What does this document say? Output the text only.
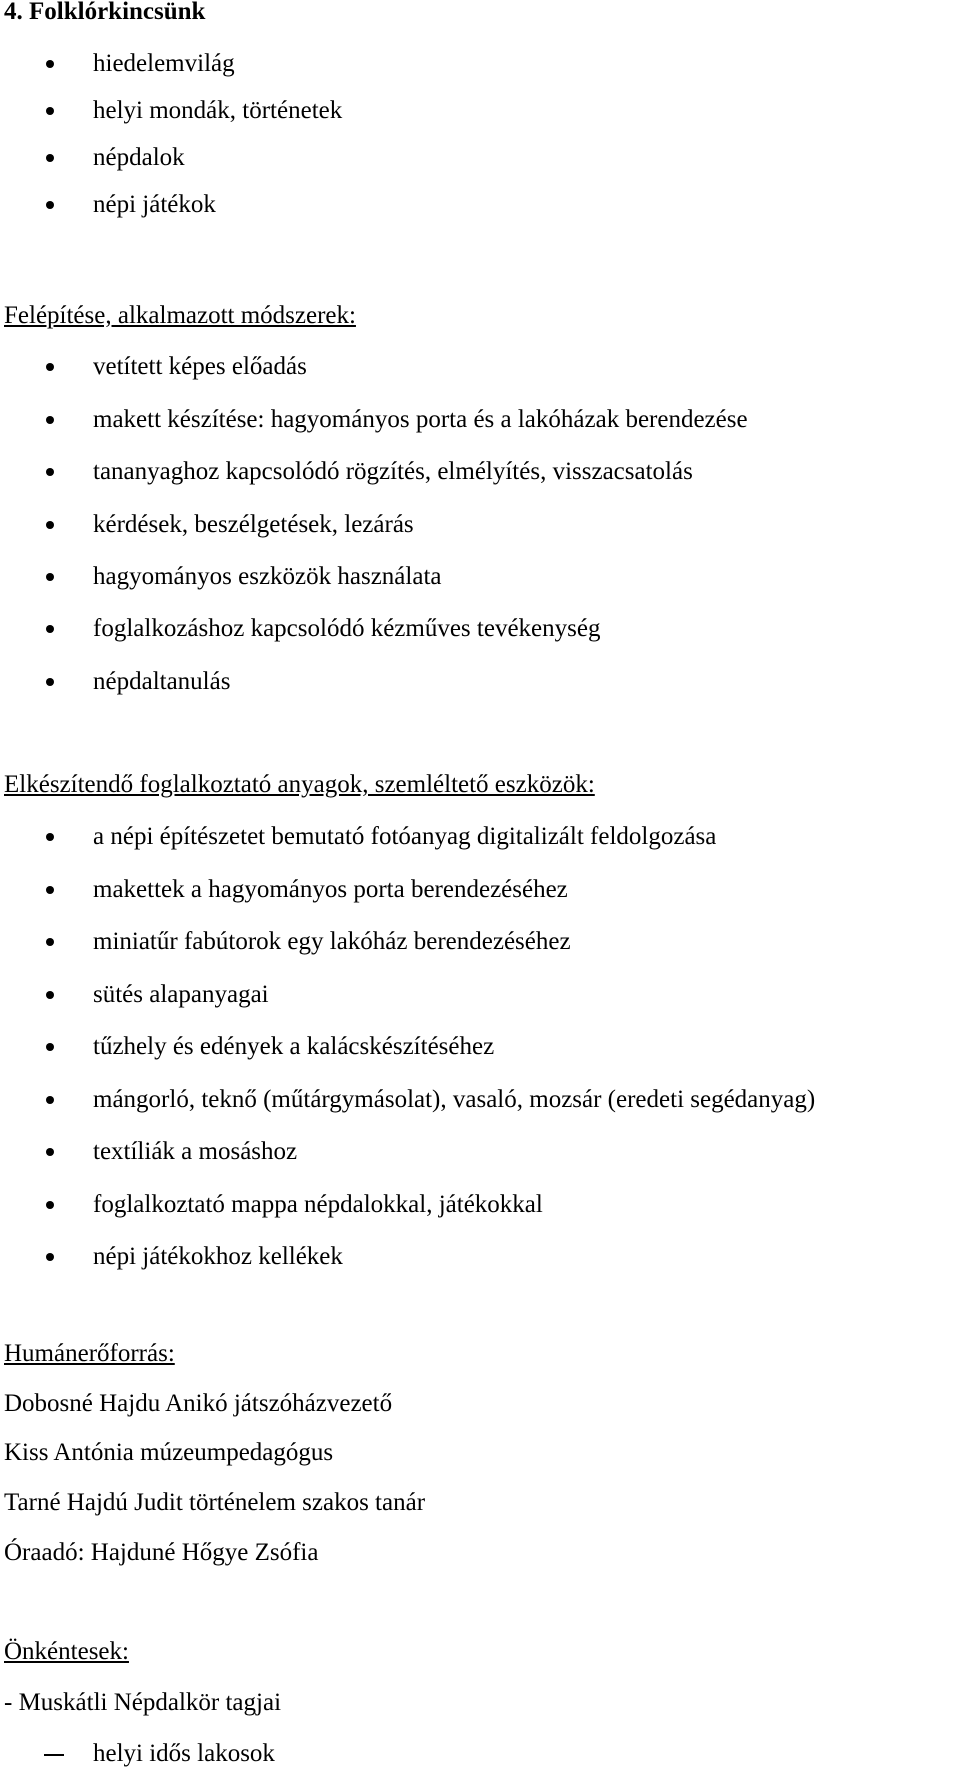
4. Folklórkincsünk
hiedelemvilág
helyi mondák, történetek
népdalok
népi játékok
Felépítése, alkalmazott módszerek:
vetített képes előadás
makett készítése: hagyományos porta és a lakóházak berendezése
tananyaghoz kapcsolódó rögzítés, elmélyítés, visszacsatolás
kérdések, beszélgetések, lezárás
hagyományos eszközök használata
foglalkozáshoz kapcsolódó kézműves tevékenység
népdaltanulás
Elkészítendő foglalkoztató anyagok, szemléltető eszközök:
a népi építészetet bemutató fotóanyag digitalizált feldolgozása
makettek a hagyományos porta berendezéséhez
miniatűr fabútorok egy lakóház berendezéséhez
sütés alapanyagai
tűzhely és edények a kalácskészítéséhez
mángorló, teknő (műtárgymásolat), vasaló, mozsár (eredeti segédanyag)
textíliák a mosáshoz
foglalkoztató mappa népdalokkal, játékokkal
népi játékokhoz kellékek
Humánerőforrás:
Dobosné Hajdu Anikó játszóházvezető
Kiss Antónia múzeumpedagógus
Tarné Hajdú Judit történelem szakos tanár
Óraadó: Hajduné Hőgye Zsófia
Önkéntesek:
- Muskátli Népdalkör tagjai
helyi idős lakosok
